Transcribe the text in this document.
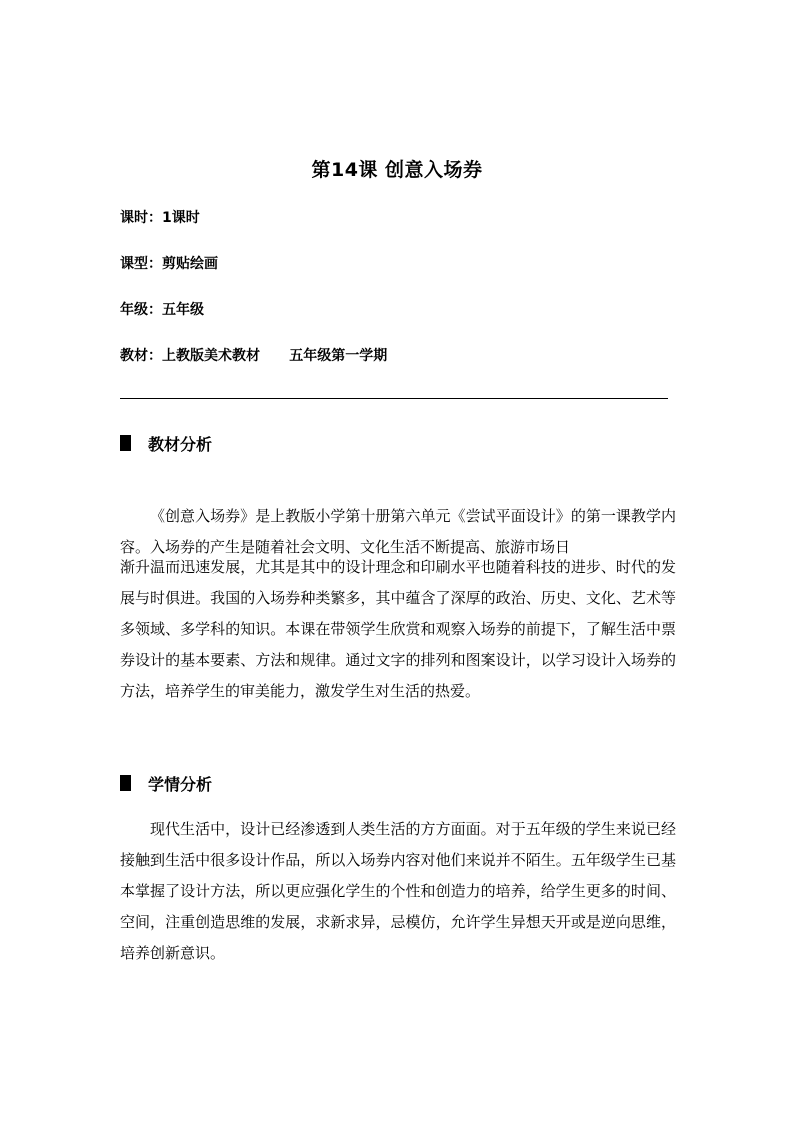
第14课 创意入场券
课时：1课时
课型：剪贴绘画
年级：五年级
教材：上教版美术教材      五年级第一学期
教材分析
《创意入场券》是上教版小学第十册第六单元《尝试平面设计》的第一课教学内容。入场券的产生是随着社会文明、文化生活不断提高、旅游市场日
渐升温而迅速发展，尤其是其中的设计理念和印刷水平也随着科技的进步、时代的发展与时俱进。我国的入场券种类繁多，其中蕴含了深厚的政治、历史、文化、艺术等多领域、多学科的知识。本课在带领学生欣赏和观察入场券的前提下，了解生活中票券设计的基本要素、方法和规律。通过文字的排列和图案设计，以学习设计入场券的方法，培养学生的审美能力，激发学生对生活的热爱。
学情分析
现代生活中，设计已经渗透到人类生活的方方面面。对于五年级的学生来说已经接触到生活中很多设计作品，所以入场券内容对他们来说并不陌生。五年级学生已基本掌握了设计方法，所以更应强化学生的个性和创造力的培养，给学生更多的时间、空间，注重创造思维的发展，求新求异，忌模仿，允许学生异想天开或是逆向思维，培养创新意识。
